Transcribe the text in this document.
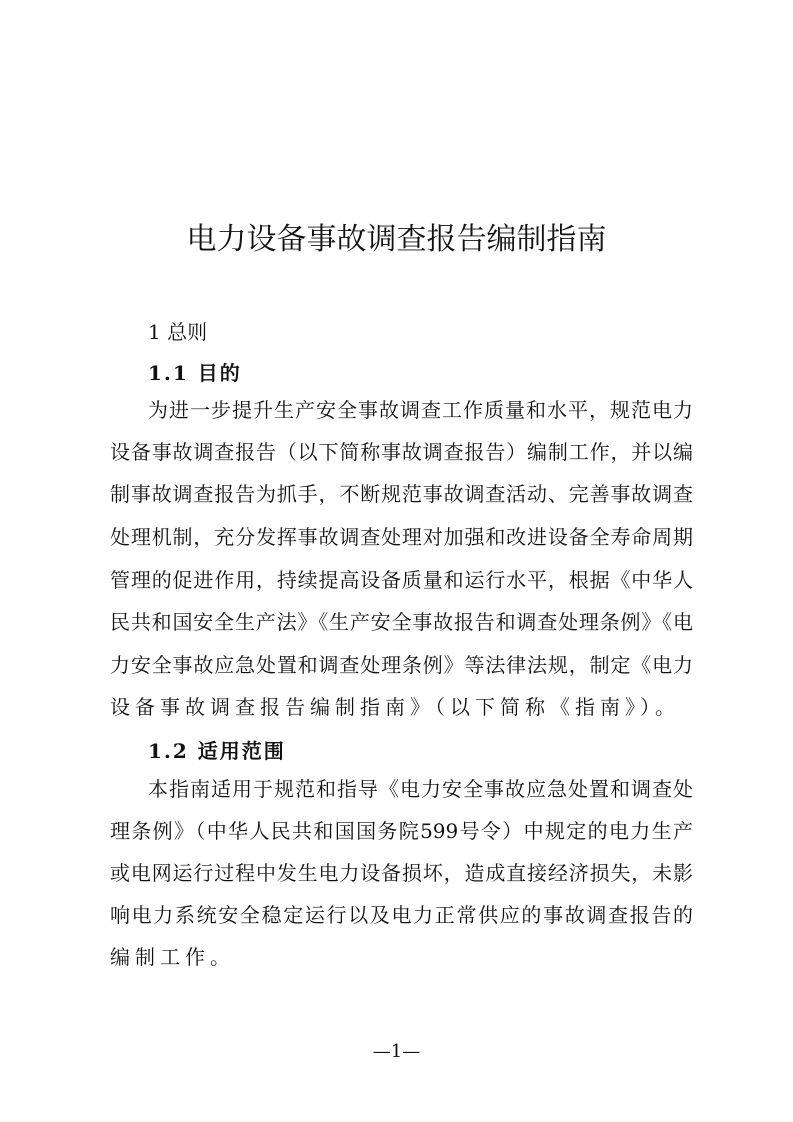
电力设备事故调查报告编制指南
1 总则
1.1 目的
为进一步提升生产安全事故调查工作质量和水平，规范电力
设备事故调查报告（以下简称事故调查报告）编制工作，并以编
制事故调查报告为抓手，不断规范事故调查活动、完善事故调查
处理机制，充分发挥事故调查处理对加强和改进设备全寿命周期
管理的促进作用，持续提高设备质量和运行水平，根据《中华人
民共和国安全生产法》《生产安全事故报告和调查处理条例》《电
力安全事故应急处置和调查处理条例》等法律法规，制定《电力
设备事故调查报告编制指南》（以下简称《指南》）。
1.2 适用范围
本指南适用于规范和指导《电力安全事故应急处置和调查处
理条例》（中华人民共和国国务院599号令）中规定的电力生产
或电网运行过程中发生电力设备损坏，造成直接经济损失，未影
响电力系统安全稳定运行以及电力正常供应的事故调查报告的
编制工作。
—1—
